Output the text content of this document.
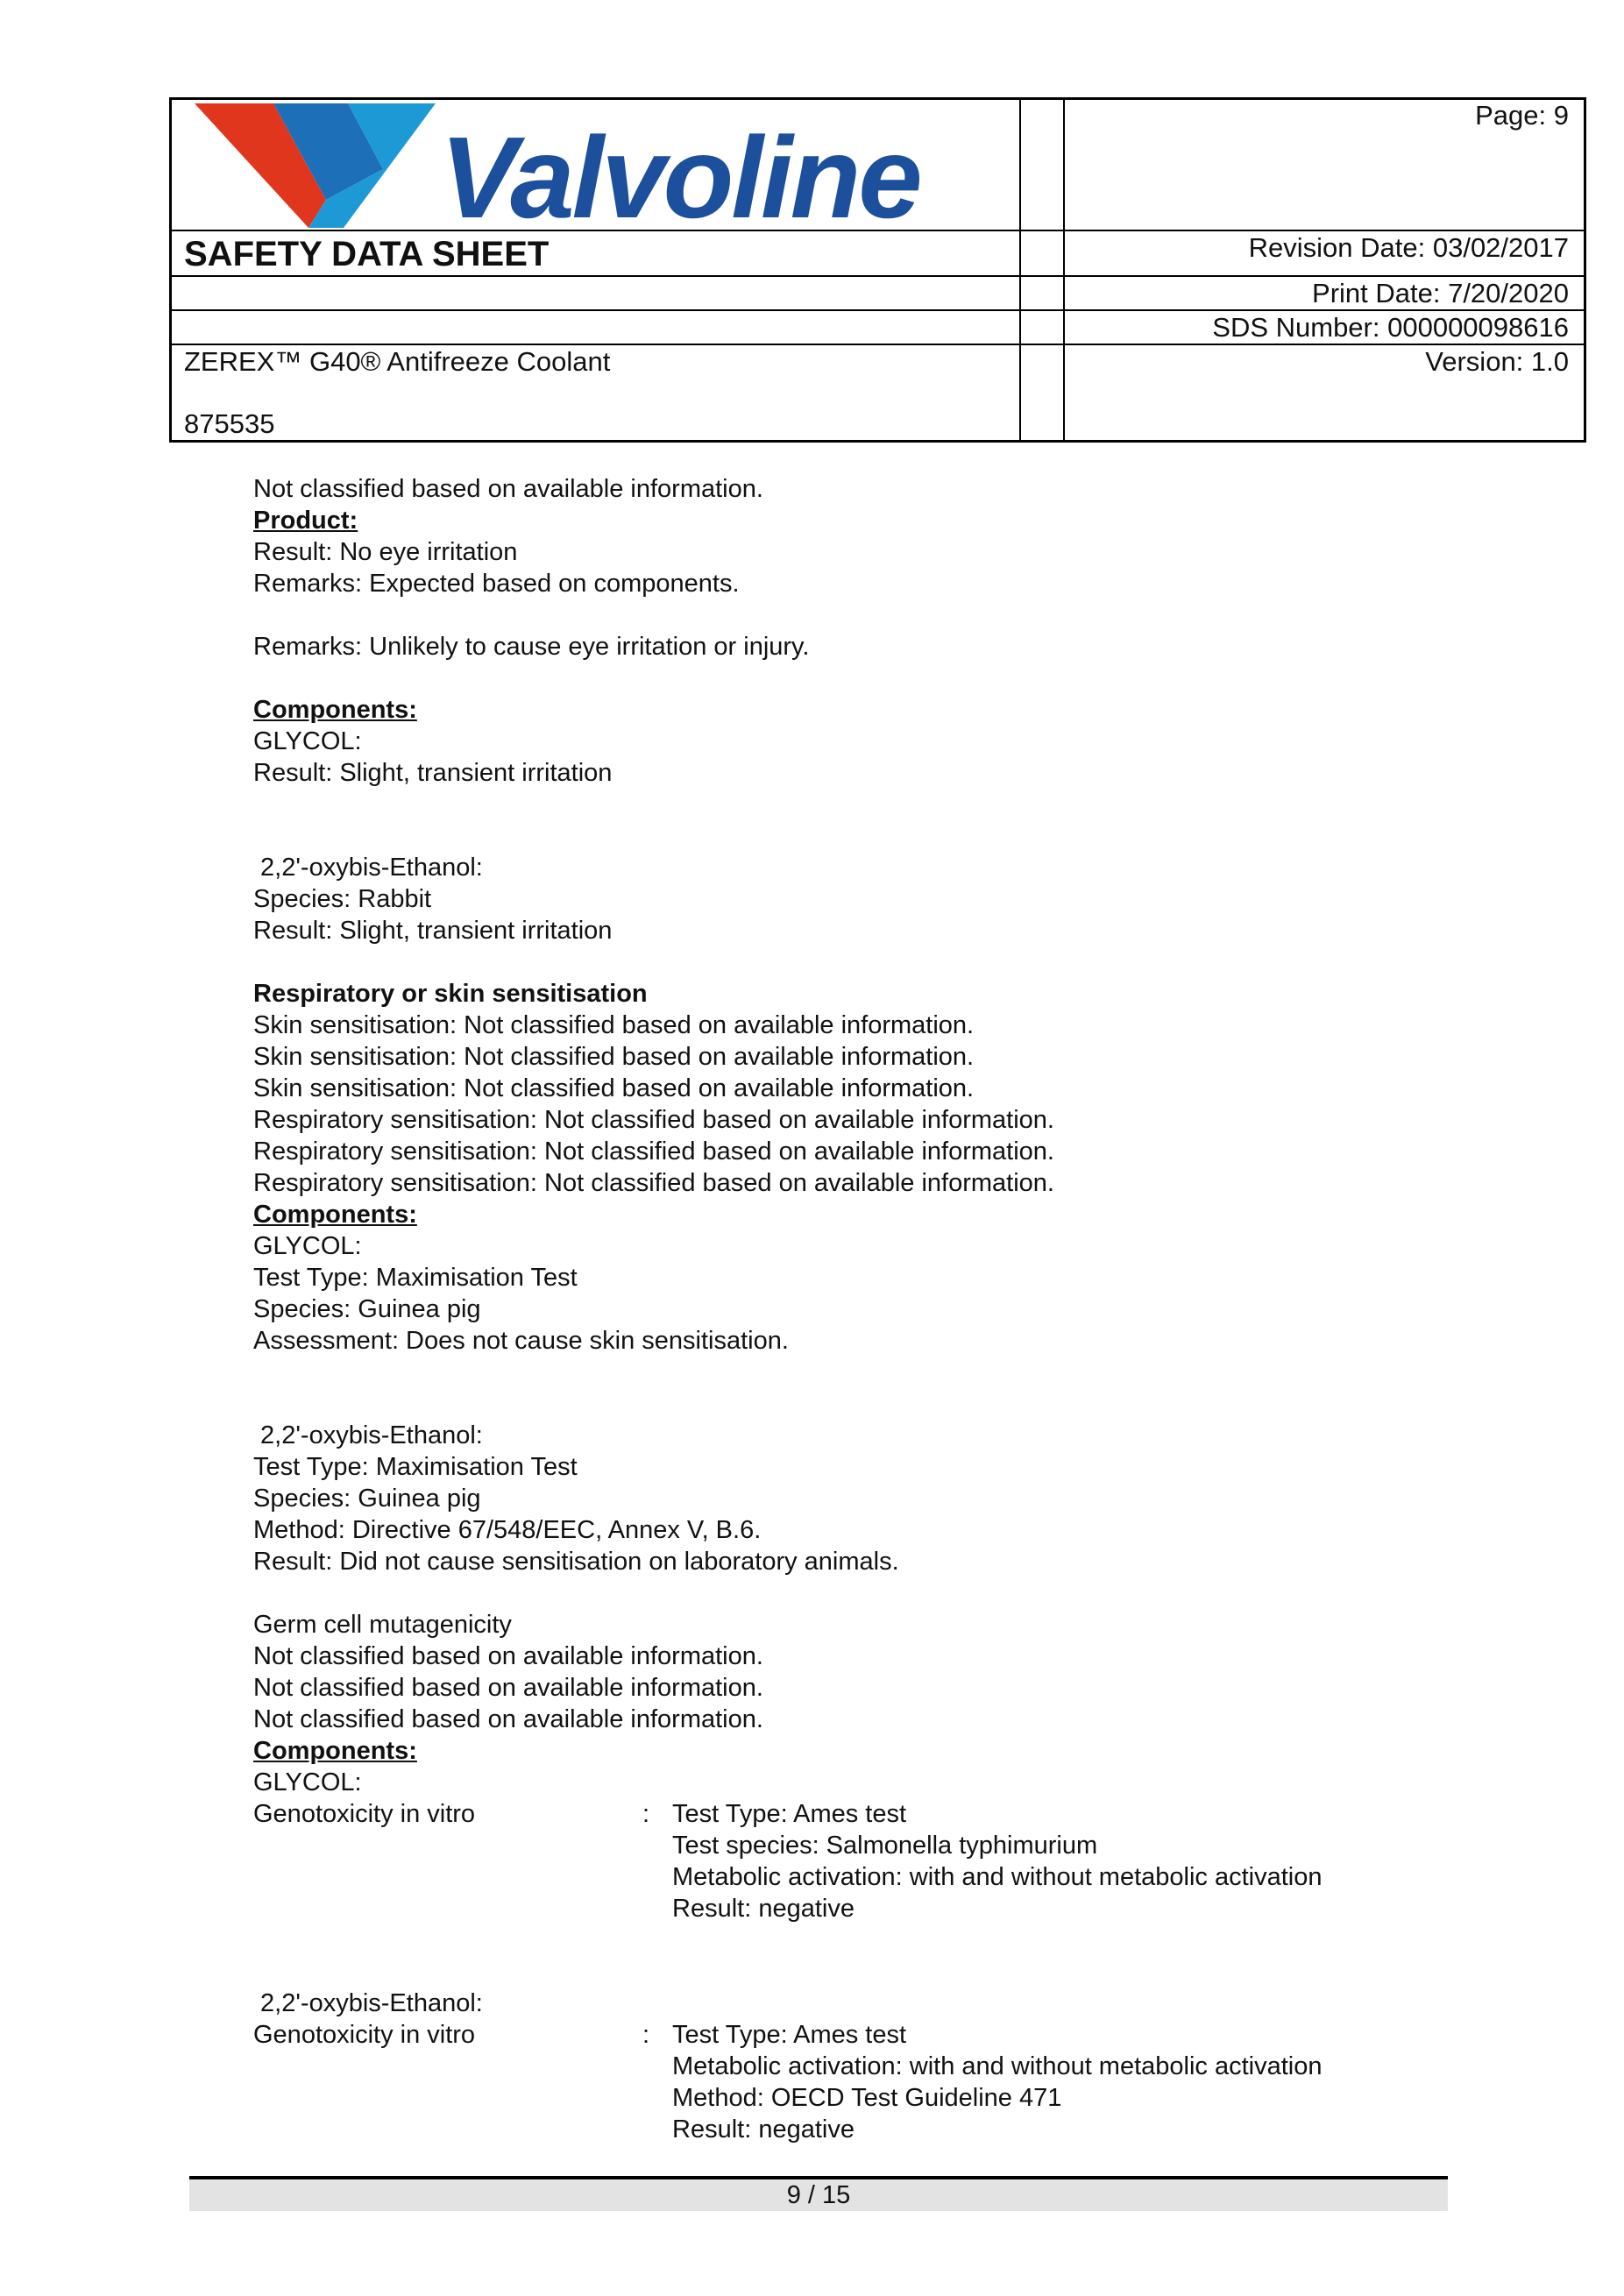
Valvoline
SAFETY DATA SHEET
ZEREX™ G40® Antifreeze Coolant
875535
Page: 9
Revision Date: 03/02/2017
Print Date: 7/20/2020
SDS Number: 000000098616
Version: 1.0
Not classified based on available information.
Product:
Result: No eye irritation
Remarks: Expected based on components.
Remarks: Unlikely to cause eye irritation or injury.
Components:
GLYCOL:
Result: Slight, transient irritation
2,2'-oxybis-Ethanol:
Species: Rabbit
Result: Slight, transient irritation
Respiratory or skin sensitisation
Skin sensitisation: Not classified based on available information.
Skin sensitisation: Not classified based on available information.
Skin sensitisation: Not classified based on available information.
Respiratory sensitisation: Not classified based on available information.
Respiratory sensitisation: Not classified based on available information.
Respiratory sensitisation: Not classified based on available information.
Components:
GLYCOL:
Test Type: Maximisation Test
Species: Guinea pig
Assessment: Does not cause skin sensitisation.
2,2'-oxybis-Ethanol:
Test Type: Maximisation Test
Species: Guinea pig
Method: Directive 67/548/EEC, Annex V, B.6.
Result: Did not cause sensitisation on laboratory animals.
Germ cell mutagenicity
Not classified based on available information.
Not classified based on available information.
Not classified based on available information.
Components:
GLYCOL:
Genotoxicity in vitro	: Test Type: Ames test
Test species: Salmonella typhimurium
Metabolic activation: with and without metabolic activation
Result: negative
2,2'-oxybis-Ethanol:
Genotoxicity in vitro	: Test Type: Ames test
Metabolic activation: with and without metabolic activation
Method: OECD Test Guideline 471
Result: negative
9 / 15
